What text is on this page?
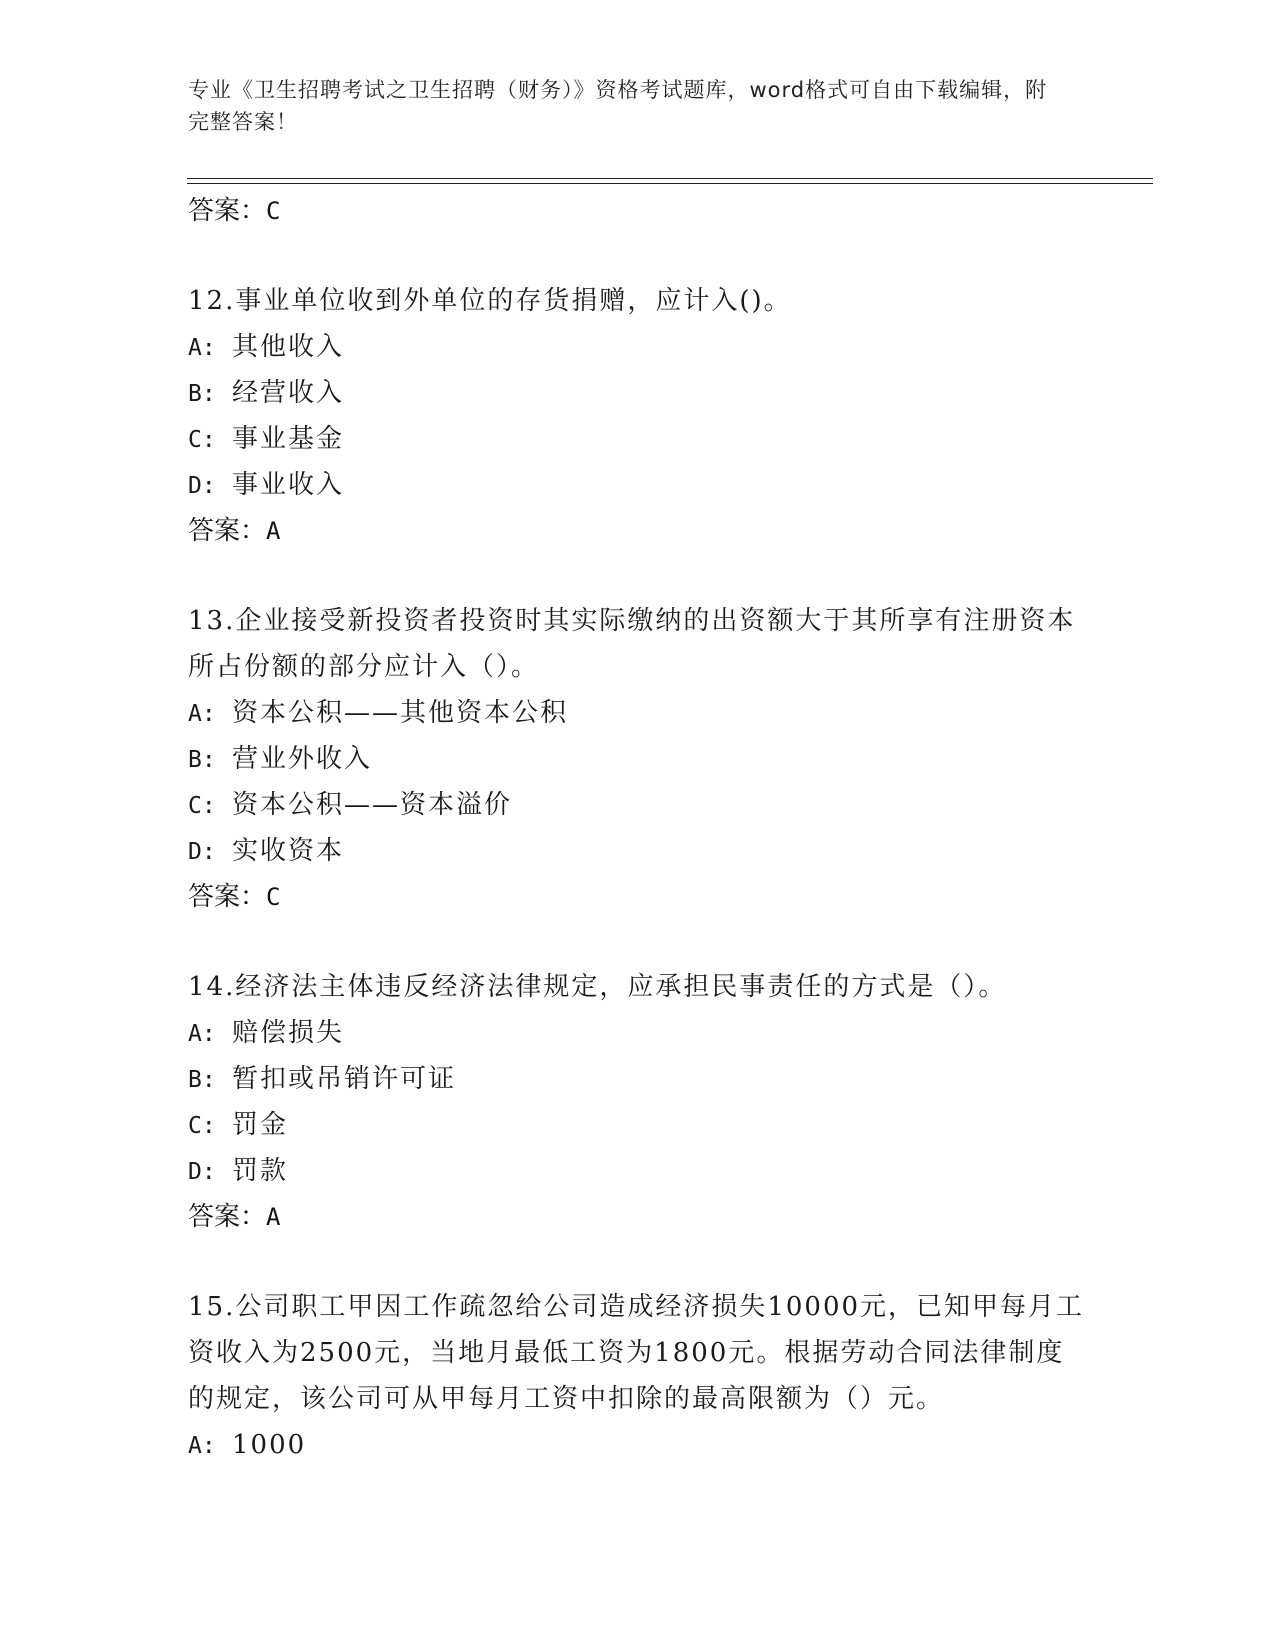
专业《卫生招聘考试之卫生招聘（财务）》资格考试题库，word格式可自由下载编辑，附完整答案！
答案：C
12.事业单位收到外单位的存货捐赠，应计入()。
A: 其他收入
B: 经营收入
C: 事业基金
D: 事业收入
答案：A
13.企业接受新投资者投资时其实际缴纳的出资额大于其所享有注册资本所占份额的部分应计入（）。
A: 资本公积——其他资本公积
B: 营业外收入
C: 资本公积——资本溢价
D: 实收资本
答案：C
14.经济法主体违反经济法律规定，应承担民事责任的方式是（）。
A: 赔偿损失
B: 暂扣或吊销许可证
C: 罚金
D: 罚款
答案：A
15.公司职工甲因工作疏忽给公司造成经济损失10000元，已知甲每月工资收入为2500元，当地月最低工资为1800元。根据劳动合同法律制度的规定，该公司可从甲每月工资中扣除的最高限额为（）元。
A: 1000
